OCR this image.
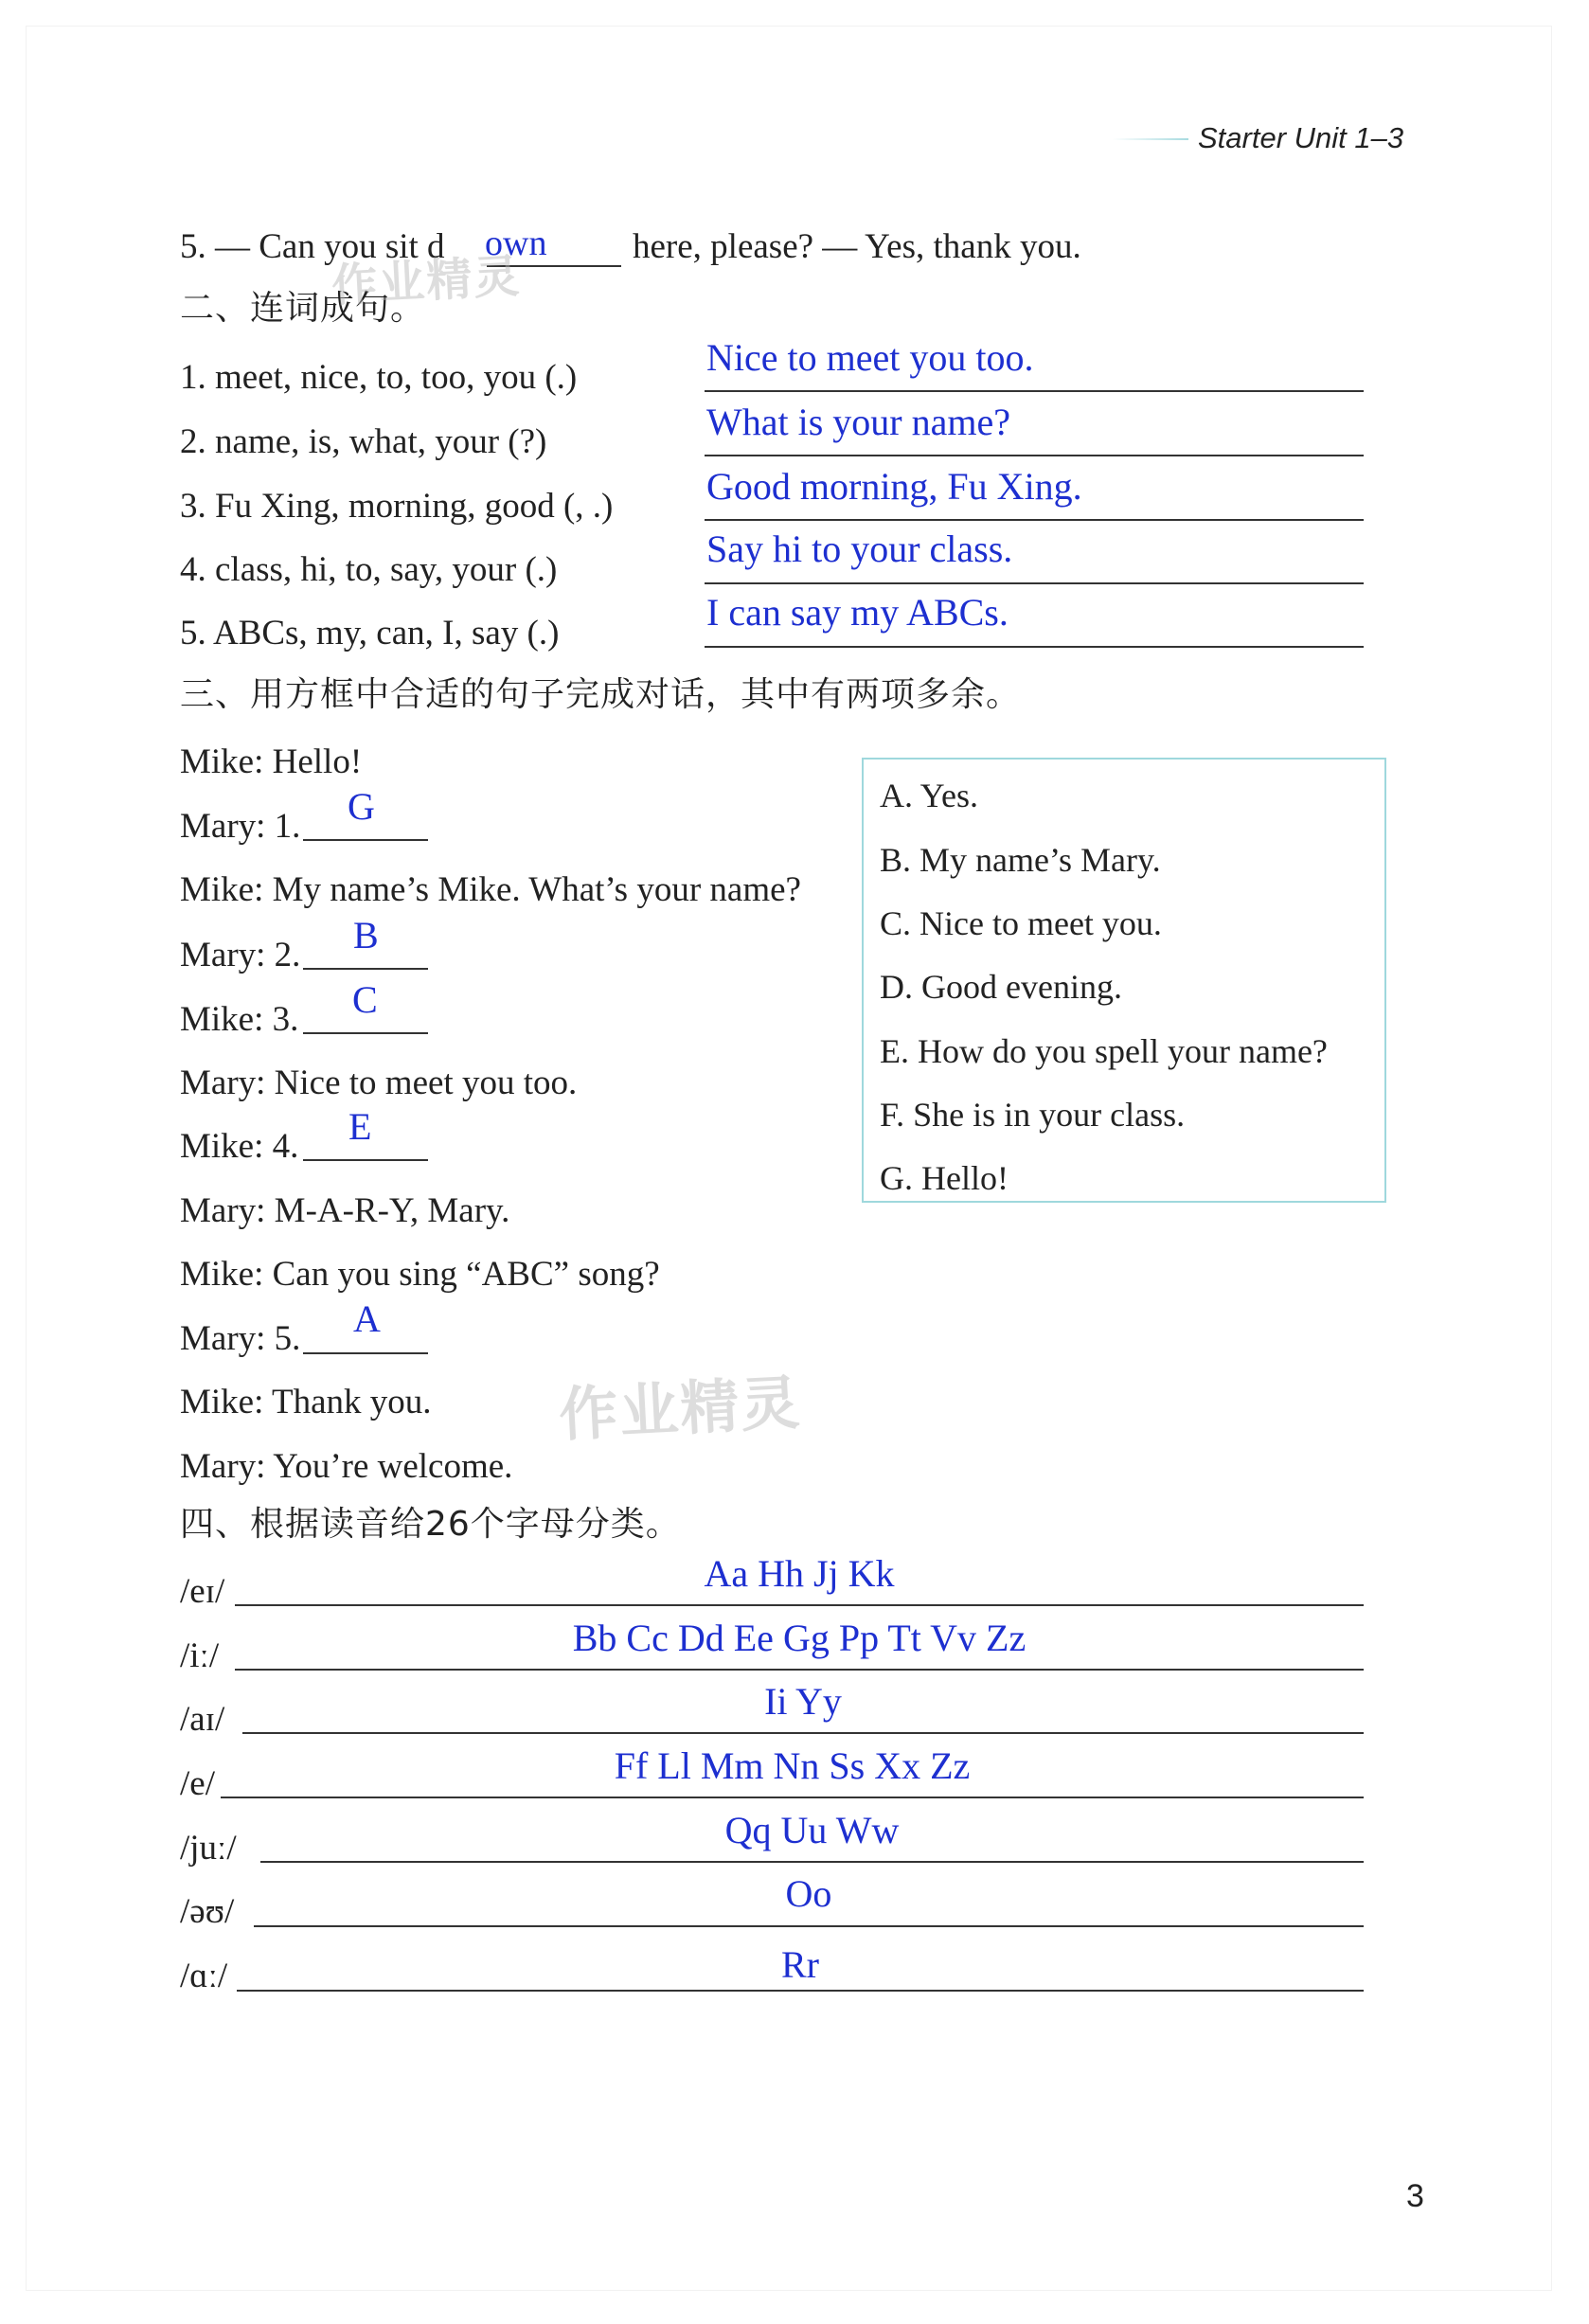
Starter Unit 1–3
5. — Can you sit d own here, please? — Yes, thank you.
二、连词成句。
1. meet, nice, to, too, you (.)	Nice to meet you too.
2. name, is, what, your (?)	What is your name?
3. Fu Xing, morning, good (, .) Good morning, Fu Xing.
4. class, hi, to, say, your (.)	Say hi to your class.
5. ABCs, my, can, I, say (.)	I can say my ABCs.
三、用方框中合适的句子完成对话，其中有两项多余。
Mike: Hello!
Mary: 1. G
Mike: My name’s Mike. What’s your name?
Mary: 2. B
Mike: 3. C
Mary: Nice to meet you too.
Mike: 4. E
Mary: M-A-R-Y, Mary.
Mike: Can you sing “ABC” song?
Mary: 5. A
Mike: Thank you.
Mary: You’re welcome.
A. Yes.
B. My name’s Mary.
C. Nice to meet you.
D. Good evening.
E. How do you spell your name?
F. She is in your class.
G. Hello!
四、根据读音给26个字母分类。
/eɪ/	Aa Hh Jj Kk
/iː/	Bb Cc Dd Ee Gg Pp Tt Vv Zz
/aɪ/	Ii Yy
/e/	Ff Ll Mm Nn Ss Xx Zz
/juː/	Qq Uu Ww
/əʊ/	Oo
/ɑː/	Rr
作业精灵
作业精灵
3
